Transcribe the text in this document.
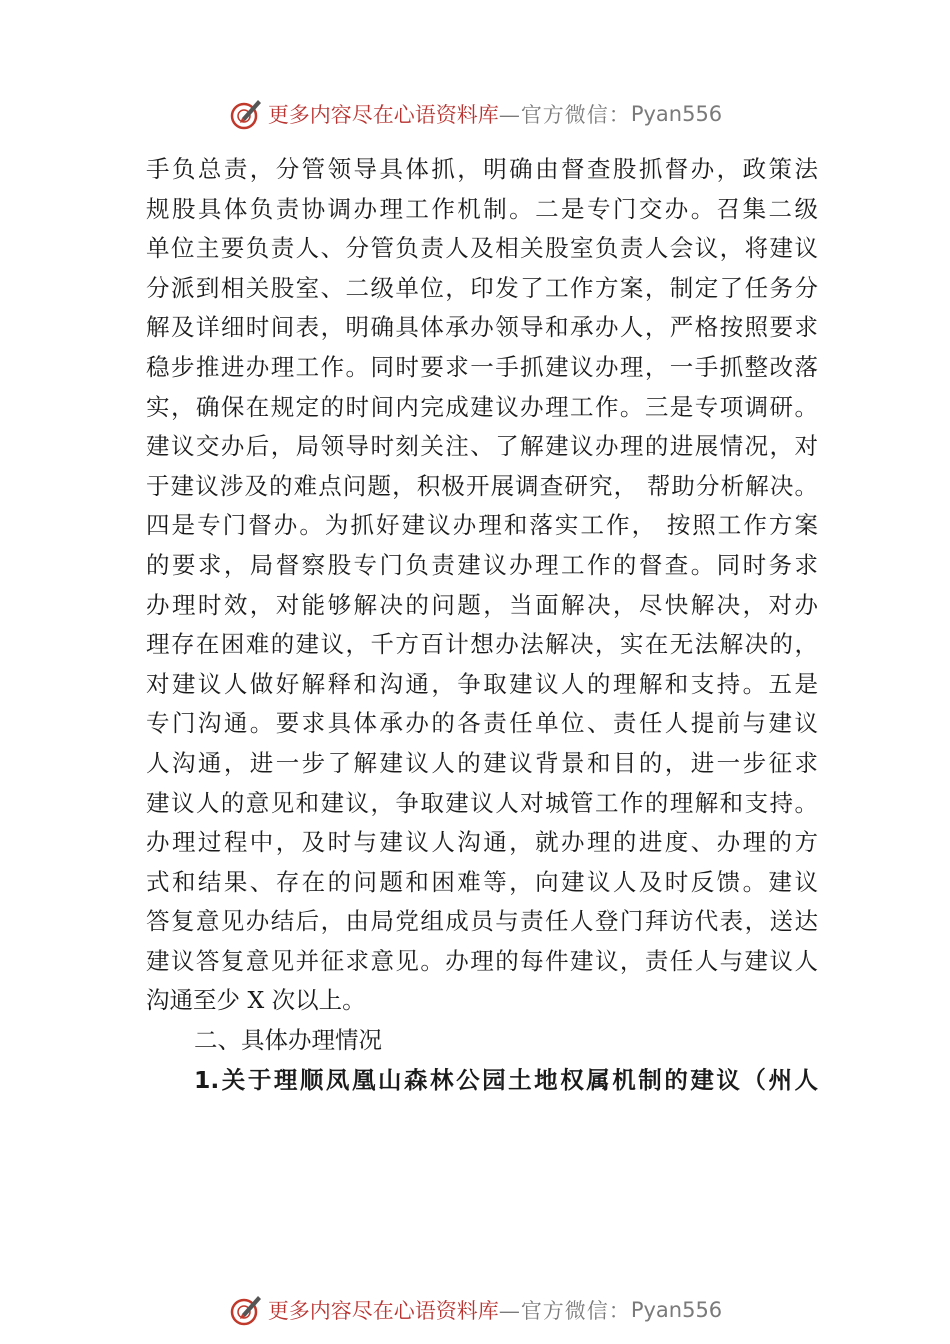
更多内容尽在心语资料库 —官方微信： Pyan556
手负总责，分管领导具体抓，明确由督查股抓督办，政策法
规股具体负责协调办理工作机制。二是专门交办。召集二级
单位主要负责人、分管负责人及相关股室负责人会议，将建议
分派到相关股室、二级单位，印发了工作方案，制定了任务分
解及详细时间表，明确具体承办领导和承办人，严格按照要求
稳步推进办理工作。同时要求一手抓建议办理，一手抓整改落
实，确保在规定的时间内完成建议办理工作。三是专项调研。
建议交办后，局领导时刻关注、了解建议办理的进展情况，对
于建议涉及的难点问题，积极开展调查研究， 帮助分析解决。
四是专门督办。为抓好建议办理和落实工作， 按照工作方案
的要求，局督察股专门负责建议办理工作的督查。同时务求
办理时效，对能够解决的问题，当面解决，尽快解决，对办
理存在困难的建议，千方百计想办法解决，实在无法解决的，
对建议人做好解释和沟通，争取建议人的理解和支持。五是
专门沟通。要求具体承办的各责任单位、责任人提前与建议
人沟通，进一步了解建议人的建议背景和目的，进一步征求
建议人的意见和建议，争取建议人对城管工作的理解和支持。
办理过程中，及时与建议人沟通，就办理的进度、办理的方
式和结果、存在的问题和困难等，向建议人及时反馈。建议
答复意见办结后，由局党组成员与责任人登门拜访代表，送达
建议答复意见并征求意见。办理的每件建议，责任人与建议人
沟通至少 X 次以上。
二、具体办理情况
1.关于理顺凤凰山森林公园土地权属机制的建议（州人
更多内容尽在心语资料库 —官方微信： Pyan556
